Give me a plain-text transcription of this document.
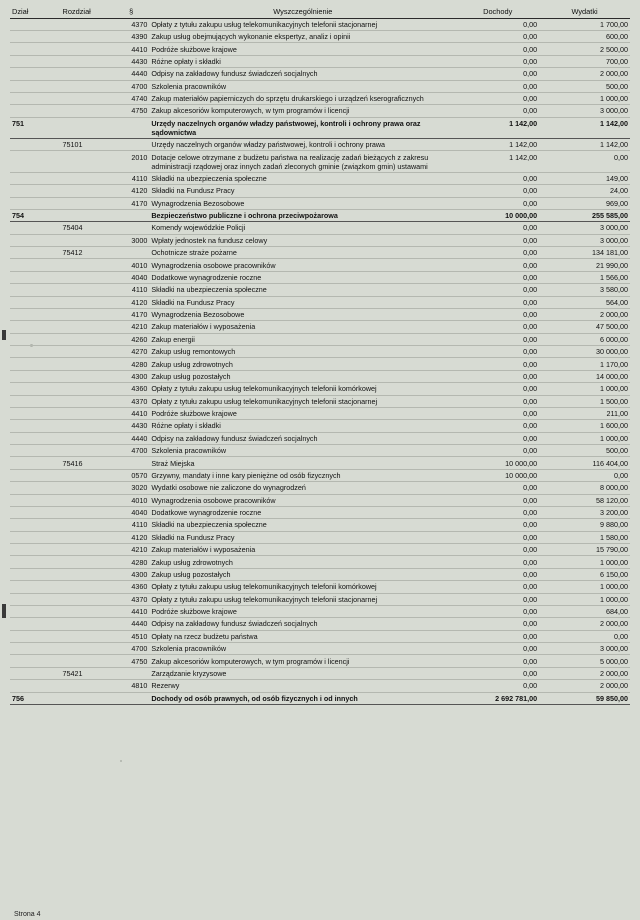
Dział	Rozdział	§	Wyszczególnienie	Dochody	Wydatki
		4370	Opłaty z tytułu zakupu usług telekomunikacyjnych telefonii stacjonarnej	0,00	1 700,00
		4390	Zakup usług obejmujących wykonanie ekspertyz, analiz i opinii	0,00	600,00
		4410	Podróże służbowe krajowe	0,00	2 500,00
		4430	Różne opłaty i składki	0,00	700,00
		4440	Odpisy na zakładowy fundusz świadczeń socjalnych	0,00	2 000,00
		4700	Szkolenia pracowników	0,00	500,00
		4740	Zakup materiałów papierniczych do sprzętu drukarskiego i urządzeń kserograficznych	0,00	1 000,00
		4750	Zakup akcesoriów komputerowych, w tym programów i licencji	0,00	3 000,00
751			Urzędy naczelnych organów władzy państwowej, kontroli i ochrony prawa oraz sądownictwa	1 142,00	1 142,00
	75101		Urzędy naczelnych organów władzy państwowej, kontroli i ochrony prawa	1 142,00	1 142,00
		2010	Dotacje celowe otrzymane z budżetu państwa na realizację zadań bieżących z zakresu administracji rządowej oraz innych zadań zleconych gminie (związkom gmin) ustawami	1 142,00	0,00
		4110	Składki na ubezpieczenia społeczne	0,00	149,00
		4120	Składki na Fundusz Pracy	0,00	24,00
		4170	Wynagrodzenia Bezosobowe	0,00	969,00
754			Bezpieczeństwo publiczne i ochrona przeciwpożarowa	10 000,00	255 585,00
	75404		Komendy wojewódzkie Policji	0,00	3 000,00
		3000	Wpłaty jednostek na fundusz celowy	0,00	3 000,00
	75412		Ochotnicze straże pożarne	0,00	134 181,00
		4010	Wynagrodzenia osobowe pracowników	0,00	21 990,00
		4040	Dodatkowe wynagrodzenie roczne	0,00	1 566,00
		4110	Składki na ubezpieczenia społeczne	0,00	3 580,00
		4120	Składki na Fundusz Pracy	0,00	564,00
		4170	Wynagrodzenia Bezosobowe	0,00	2 000,00
		4210	Zakup materiałów i wyposażenia	0,00	47 500,00
		4260	Zakup energii	0,00	6 000,00
		4270	Zakup usług remontowych	0,00	30 000,00
		4280	Zakup usług zdrowotnych	0,00	1 170,00
		4300	Zakup usług pozostałych	0,00	14 000,00
		4360	Opłaty z tytułu zakupu usług telekomunikacyjnych telefonii komórkowej	0,00	1 000,00
		4370	Opłaty z tytułu zakupu usług telekomunikacyjnych telefonii stacjonarnej	0,00	1 500,00
		4410	Podróże służbowe krajowe	0,00	211,00
		4430	Różne opłaty i składki	0,00	1 600,00
		4440	Odpisy na zakładowy fundusz świadczeń socjalnych	0,00	1 000,00
		4700	Szkolenia pracowników	0,00	500,00
	75416		Straż Miejska	10 000,00	116 404,00
		0570	Grzywny, mandaty i inne kary pieniężne od osób fizycznych	10 000,00	0,00
		3020	Wydatki osobowe nie zaliczone do wynagrodzeń	0,00	8 000,00
		4010	Wynagrodzenia osobowe pracowników	0,00	58 120,00
		4040	Dodatkowe wynagrodzenie roczne	0,00	3 200,00
		4110	Składki na ubezpieczenia społeczne	0,00	9 880,00
		4120	Składki na Fundusz Pracy	0,00	1 580,00
		4210	Zakup materiałów i wyposażenia	0,00	15 790,00
		4280	Zakup usług zdrowotnych	0,00	1 000,00
		4300	Zakup usług pozostałych	0,00	6 150,00
		4360	Opłaty z tytułu zakupu usług telekomunikacyjnych telefonii komórkowej	0,00	1 000,00
		4370	Opłaty z tytułu zakupu usług telekomunikacyjnych telefonii stacjonarnej	0,00	1 000,00
		4410	Podróże służbowe krajowe	0,00	684,00
		4440	Odpisy na zakładowy fundusz świadczeń socjalnych	0,00	2 000,00
		4510	Opłaty na rzecz budżetu państwa	0,00	0,00
		4700	Szkolenia pracowników	0,00	3 000,00
		4750	Zakup akcesoriów komputerowych, w tym programów i licencji	0,00	5 000,00
	75421		Zarządzanie kryzysowe	0,00	2 000,00
		4810	Rezerwy	0,00	2 000,00
756			Dochody od osób prawnych, od osób fizycznych i od innych	2 692 781,00	59 850,00
Strona 4
